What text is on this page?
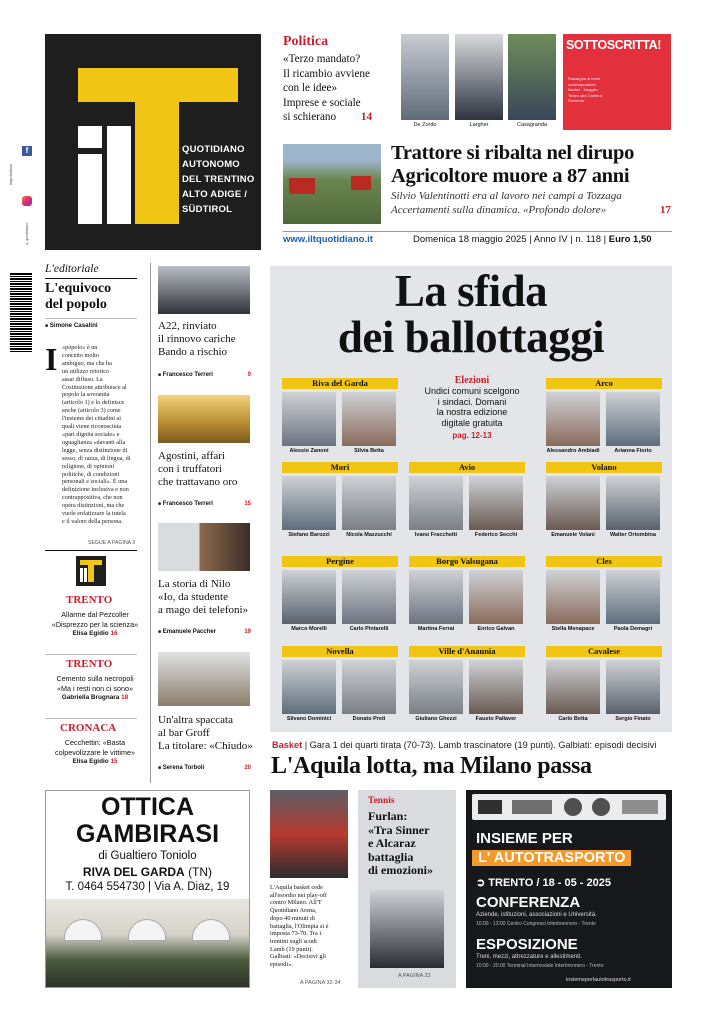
QUOTIDIANO
AUTONOMO
DEL TRENTINO
ALTO ADIGE /
SÜDTIROL
f
iltquotidiano
il_quotidiano
Politica
«Terzo mandato?
Il ricambio avviene
con le idee»
Imprese e sociale
si schierano 14
De Zordo	Largher	Casagranda
SOTTOSCRITTA!
Rassegna al bene
contemporaneo
Martini · Mugglio
Teatro alla Cartiera
Rovereto
Trattore si ribalta nel dirupo
Agricoltore muore a 87 anni
Silvio Valentinotti era al lavoro nei campi a Tozzaga
Accertamenti sulla dinamica. «Profondo dolore»	17
www.iltquotidiano.it	Domenica 18 maggio 2025 | Anno IV | n. 118 | Euro 1,50
L'editoriale
L'equivoco
del popolo
■ Simone Casalini
I «popolo» è un
concetto molto
ambiguo, ma che ha
un utilizzo retorico
assai diffuso. La
Costituzione attribuisce al
popolo la sovranità
(articolo 1) e lo definisce
anche (articolo 3) come
l'insieme dei cittadini ai
quali viene riconosciuta
«pari dignità sociale» e
uguaglianza «davanti alla
legge, senza distinzione di
sesso, di razza, di lingua, di
religione, di opinioni
politiche, di condizioni
personali e sociali». È una
definizione inclusiva e non
contrappositiva, che non
opera distinzioni, ma che
vuole enfatizzare la tutela
e il valore della persona.
SEGUE A PAGINA 3
TRENTO
Allarme dal Pezcoller
«Disprezzo per la scienza»
Elisa Egidio 16
TRENTO
Cemento sulla necropoli
«Ma i resti non ci sono»
Gabriella Brugnara 18
CRONACA
Cecchettin: «Basta
colpevolizzare le vittime»
Elisa Egidio 15
A22, rinviato
il rinnovo cariche
Bando a rischio
■ Francesco Terreri	9
Agostini, affari
con i truffatori
che trattavano oro
■ Francesco Terreri	15
La storia di Nilo
«Io, da studente
a mago dei telefoni»
■ Emanuele Paccher	19
Un'altra spaccata
al bar Groff
La titolare: «Chiudo»
■ Serena Torboli	20
La sfida
dei ballottaggi
Elezioni
Undici comuni scelgono
i sindaci. Domani
la nostra edizione
digitale gratuita
pag. 12-13
Riva del Garda
Alessio Zanoni	Silvia Betta
Arco
Alessandro Ambiadi	Arianna Fiorio
Mori
Stefano Barozzi	Nicola Mazzucchi
Avio
Ivano Fracchetti	Federico Secchi
Volano
Emanuele Volani	Walter Ortombina
Pergine
Marco Morelli	Carlo Pintarelli
Borgo Valsugana
Martina Ferrai	Enrico Galvan
Cles
Stella Menapace	Paola Demagri
Novella
Silvano Dominici	Donato Preti
Ville d'Anaunia
Giuliano Ghezzi	Fausto Pallaver
Cavalese
Carlo Betta	Sergio Finato
Basket | Gara 1 dei quarti tirata (70-73). Lamb trascinatore (19 punti). Galbiati: episodi decisivi
L'Aquila lotta, ma Milano passa
L'Aquila basket cede
all'esordio nei play-off
contro Milano. All'T
Quotidiano Arena,
dopo 40 minuti di
battaglia, l'Olimpia si è
imposta 73-70. Tra i
trentini sugli scudi
Lamb (19 punti).
Galbiati: «Decisivi gli
episodi».
A PAGINA 32-34
Tennis
Furlan:
«Tra Sinner
e Alcaraz
battaglia
di emozioni»
A PAGINA 23
OTTICA
GAMBIRASI
di Gualtiero Toniolo
RIVA DEL GARDA (TN)
T. 0464 554730 | Via A. Diaz, 19
INSIEME PER
L' AUTOTRASPORTO
➲ TRENTO / 18 - 05 - 2025
CONFERENZA
Aziende, istituzioni, associazioni e Università.
10:00 - 13:00 Centro Congressi Interbrennero - Trento
ESPOSIZIONE
Treni, mezzi, attrezzature e allestimenti.
10:00 - 20:00 Terminal Intermodale Interbrennero - Trento
insiemeperlautotrasporto.it
